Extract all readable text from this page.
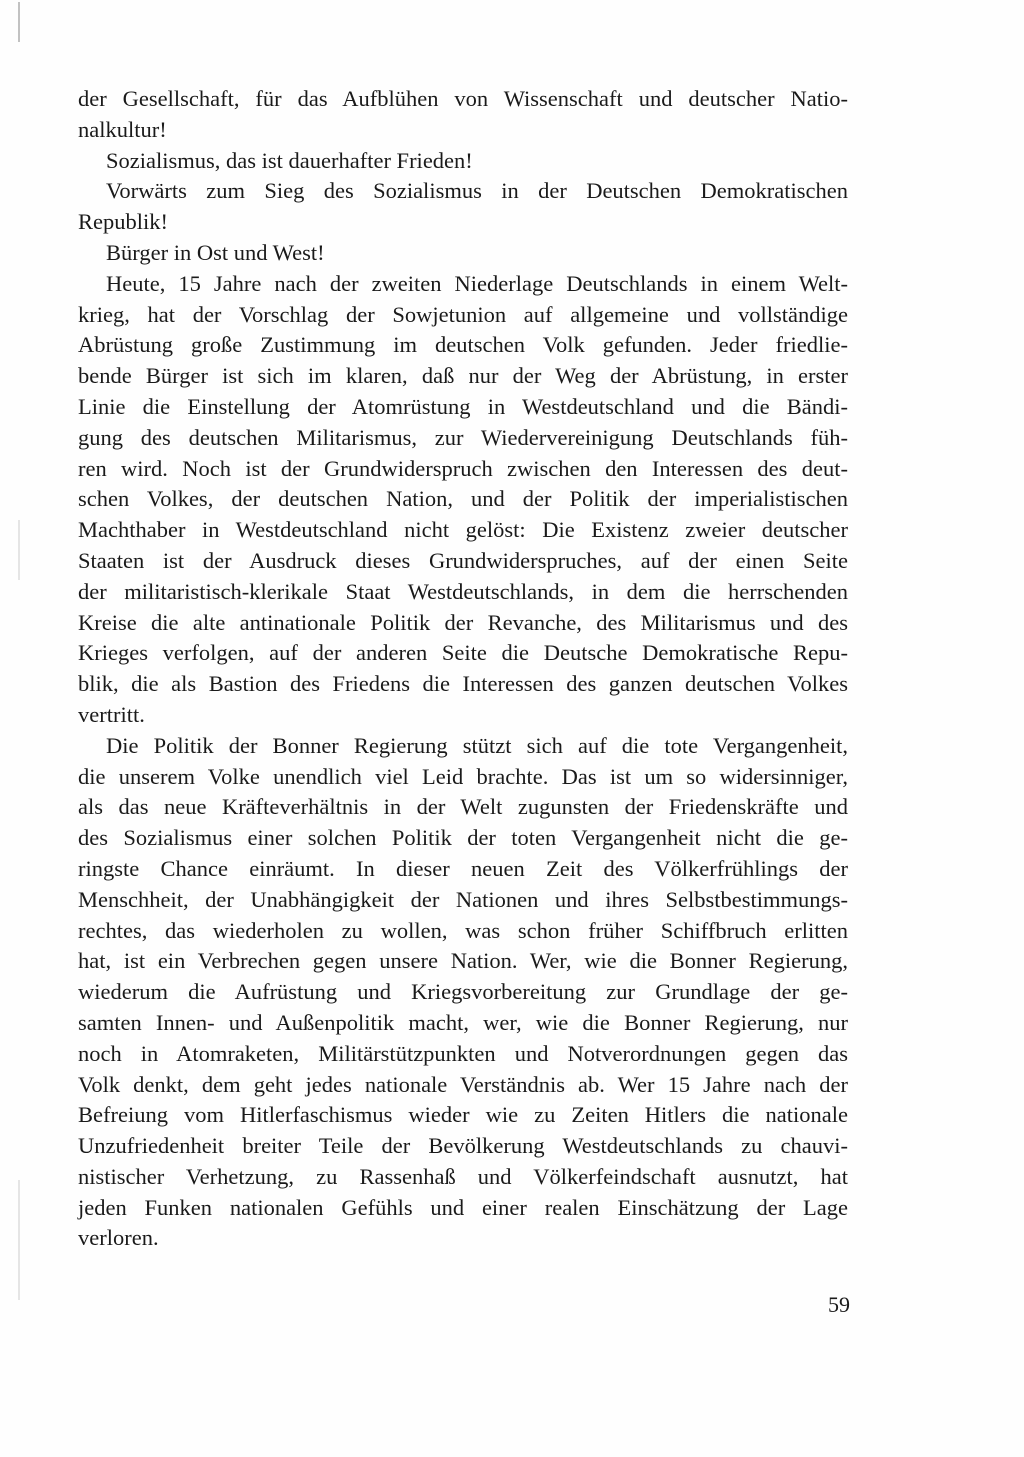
der Gesellschaft, für das Aufblühen von Wissenschaft und deutscher Natio-
nalkultur!
Sozialismus, das ist dauerhafter Frieden!
Vorwärts zum Sieg des Sozialismus in der Deutschen Demokratischen
Republik!
Bürger in Ost und West!
Heute, 15 Jahre nach der zweiten Niederlage Deutschlands in einem Welt-
krieg, hat der Vorschlag der Sowjetunion auf allgemeine und vollständige
Abrüstung große Zustimmung im deutschen Volk gefunden. Jeder friedlie-
bende Bürger ist sich im klaren, daß nur der Weg der Abrüstung, in erster
Linie die Einstellung der Atomrüstung in Westdeutschland und die Bändi-
gung des deutschen Militarismus, zur Wiedervereinigung Deutschlands füh-
ren wird. Noch ist der Grundwiderspruch zwischen den Interessen des deut-
schen Volkes, der deutschen Nation, und der Politik der imperialistischen
Machthaber in Westdeutschland nicht gelöst: Die Existenz zweier deutscher
Staaten ist der Ausdruck dieses Grundwiderspruches, auf der einen Seite
der militaristisch-klerikale Staat Westdeutschlands, in dem die herrschenden
Kreise die alte antinationale Politik der Revanche, des Militarismus und des
Krieges verfolgen, auf der anderen Seite die Deutsche Demokratische Repu-
blik, die als Bastion des Friedens die Interessen des ganzen deutschen Volkes
vertritt.
Die Politik der Bonner Regierung stützt sich auf die tote Vergangenheit,
die unserem Volke unendlich viel Leid brachte. Das ist um so widersinniger,
als das neue Kräfteverhältnis in der Welt zugunsten der Friedenskräfte und
des Sozialismus einer solchen Politik der toten Vergangenheit nicht die ge-
ringste Chance einräumt. In dieser neuen Zeit des Völkerfrühlings der
Menschheit, der Unabhängigkeit der Nationen und ihres Selbstbestimmungs-
rechtes, das wiederholen zu wollen, was schon früher Schiffbruch erlitten
hat, ist ein Verbrechen gegen unsere Nation. Wer, wie die Bonner Regierung,
wiederum die Aufrüstung und Kriegsvorbereitung zur Grundlage der ge-
samten Innen- und Außenpolitik macht, wer, wie die Bonner Regierung, nur
noch in Atomraketen, Militärstützpunkten und Notverordnungen gegen das
Volk denkt, dem geht jedes nationale Verständnis ab. Wer 15 Jahre nach der
Befreiung vom Hitlerfaschismus wieder wie zu Zeiten Hitlers die nationale
Unzufriedenheit breiter Teile der Bevölkerung Westdeutschlands zu chauvi-
nistischer Verhetzung, zu Rassenhaß und Völkerfeindschaft ausnutzt, hat
jeden Funken nationalen Gefühls und einer realen Einschätzung der Lage
verloren.
59
